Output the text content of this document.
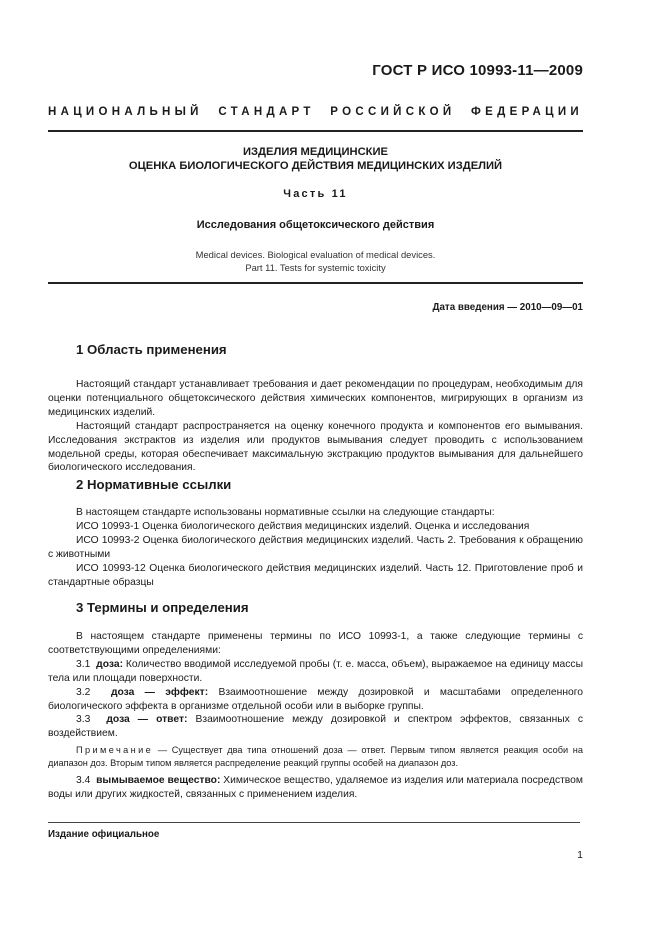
ГОСТ Р ИСО 10993-11—2009
НАЦИОНАЛЬНЫЙ СТАНДАРТ РОССИЙСКОЙ ФЕДЕРАЦИИ
ИЗДЕЛИЯ МЕДИЦИНСКИЕ
ОЦЕНКА БИОЛОГИЧЕСКОГО ДЕЙСТВИЯ МЕДИЦИНСКИХ ИЗДЕЛИЙ
Часть 11
Исследования общетоксического действия
Medical devices. Biological evaluation of medical devices.
Part 11. Tests for systemic toxicity
Дата введения — 2010—09—01
1 Область применения

Настоящий стандарт устанавливает требования и дает рекомендации по процедурам, необходимым для оценки потенциального общетоксического действия химических компонентов, мигрирующих в организм из медицинских изделий.

Настоящий стандарт распространяется на оценку конечного продукта и компонентов его вымывания. Исследования экстрактов из изделия или продуктов вымывания следует проводить с использованием модельной среды, которая обеспечивает максимальную экстракцию продуктов вымывания для дальнейшего биологического исследования.

2 Нормативные ссылки

В настоящем стандарте использованы нормативные ссылки на следующие стандарты:

ИСО 10993-1 Оценка биологического действия медицинских изделий. Оценка и исследования

ИСО 10993-2 Оценка биологического действия медицинских изделий. Часть 2. Требования к обращению с животными

ИСО 10993-12 Оценка биологического действия медицинских изделий. Часть 12. Приготовление проб и стандартные образцы

3 Термины и определения

В настоящем стандарте применены термины по ИСО 10993-1, а также следующие термины с соответствующими определениями:

3.1 доза: Количество вводимой исследуемой пробы (т. е. масса, объем), выражаемое на единицу массы тела или площади поверхности.

3.2 доза — эффект: Взаимоотношение между дозировкой и масштабами определенного биологического эффекта в организме отдельной особи или в выборке группы.

3.3 доза — ответ: Взаимоотношение между дозировкой и спектром эффектов, связанных с воздействием.

Примечание — Существует два типа отношений доза — ответ. Первым типом является реакция особи на диапазон доз. Вторым типом является распределение реакций группы особей на диапазон доз.

3.4 вымываемое вещество: Химическое вещество, удаляемое из изделия или материала посредством воды или других жидкостей, связанных с применением изделия.

Издание официальное
1
